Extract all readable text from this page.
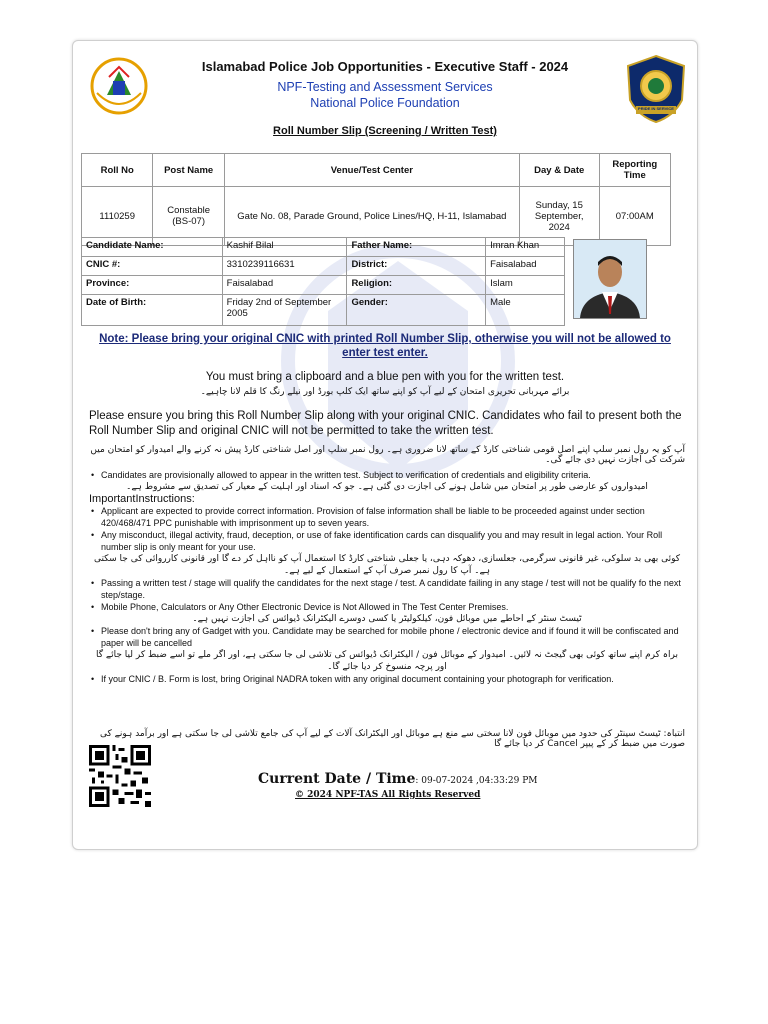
PRIDE IN SERVICE
Islamabad Police Job Opportunities - Executive Staff - 2024
NPF-Testing and Assessment Services
National Police Foundation
Roll Number Slip (Screening / Written Test)
Roll No	Post Name	Venue/Test Center	Day & Date	Reporting Time
1110259	Constable (BS-07)	Gate No. 08, Parade Ground, Police Lines/HQ, H-11, Islamabad	Sunday, 15 September, 2024	07:00AM
Candidate Name:	Kashif Bilal	Father Name:	Imran Khan
CNIC #:	3310239116631	District:	Faisalabad
Province:	Faisalabad	Religion:	Islam
Date of Birth:	Friday 2nd of September 2005	Gender:	Male
Note: Please bring your original CNIC with printed Roll Number Slip, otherwise you will not be allowed to enter test enter.
You must bring a clipboard and a blue pen with you for the written test.
برائے مہربانی تحریری امتحان کے لیے آپ کو اپنے ساتھ ایک کلپ بورڈ اور نیلے رنگ کا قلم لانا چاہیے۔
Please ensure you bring this Roll Number Slip along with your original CNIC. Candidates who fail to present both the Roll Number Slip and original CNIC will not be permitted to take the written test.
آپ کو یہ رول نمبر سلپ اپنے اصل قومی شناختی کارڈ کے ساتھ لانا ضروری ہے۔ رول نمبر سلپ اور اصل شناختی کارڈ پیش نہ کرنے والے امیدوار کو امتحان میں شرکت کی اجازت نہیں دی جائے گی۔
• Candidates are provisionally allowed to appear in the written test. Subject to verification of credentials and eligibility criteria.
امیدواروں کو عارضی طور پر امتحان میں شامل ہونے کی اجازت دی گئی ہے۔ جو کہ اسناد اور اہلیت کے معیار کی تصدیق سے مشروط ہے۔
ImportantInstructions:
• Applicant are expected to provide correct information. Provision of false information shall be liable to be proceeded against under section 420/468/471 PPC punishable with imprisonment up to seven years.
• Any misconduct, illegal activity, fraud, deception, or use of fake identification cards can disqualify you and may result in legal action. Your Roll number slip is only meant for your use.
کوئی بھی بد سلوکی، غیر قانونی سرگرمی، جعلسازی، دھوکہ دہی، یا جعلی شناختی کارڈ کا استعمال آپ کو نااہل کر دے گا اور قانونی کارروائی کی جا سکتی ہے۔ آپ کا رول نمبر صرف آپ کے استعمال کے لیے ہے۔
• Passing a written test / stage will qualify the candidates for the next stage / test. A candidate failing in any stage / test will not be qualify fo the next step/stage.
• Mobile Phone, Calculators or Any Other Electronic Device is Not Allowed in The Test Center Premises.
ٹیسٹ سنٹر کے احاطے میں موبائل فون، کیلکولیٹر یا کسی دوسرے الیکٹرانک ڈیوائس کی اجازت نہیں ہے۔
• Please don't bring any of Gadget with you. Candidate may be searched for mobile phone / electronic device and if found it will be confiscated and paper will be cancelled
براہ کرم اپنے ساتھ کوئی بھی گیجٹ نہ لائیں۔ امیدوار کے موبائل فون / الیکٹرانک ڈیوائس کی تلاشی لی جا سکتی ہے، اور اگر ملے تو اسے ضبط کر لیا جائے گا اور پرچہ منسوخ کر دیا جائے گا۔
• If your CNIC / B. Form is lost, bring Original NADRA token with any original document containing your photograph for verification.
انتباہ: ٹیسٹ سینٹر کی حدود میں موبائل فون لانا سختی سے منع ہے موبائل اور الیکٹرانک آلات کے لیے آپ کی جامع تلاشی لی جا سکتی ہے اور برآمد ہونے کی صورت میں ضبط کر کے پیپر Cancel کر دیا جائے گا
Current Date / Time: 09-07-2024 ,04:33:29 PM
© 2024 NPF-TAS All Rights Reserved
